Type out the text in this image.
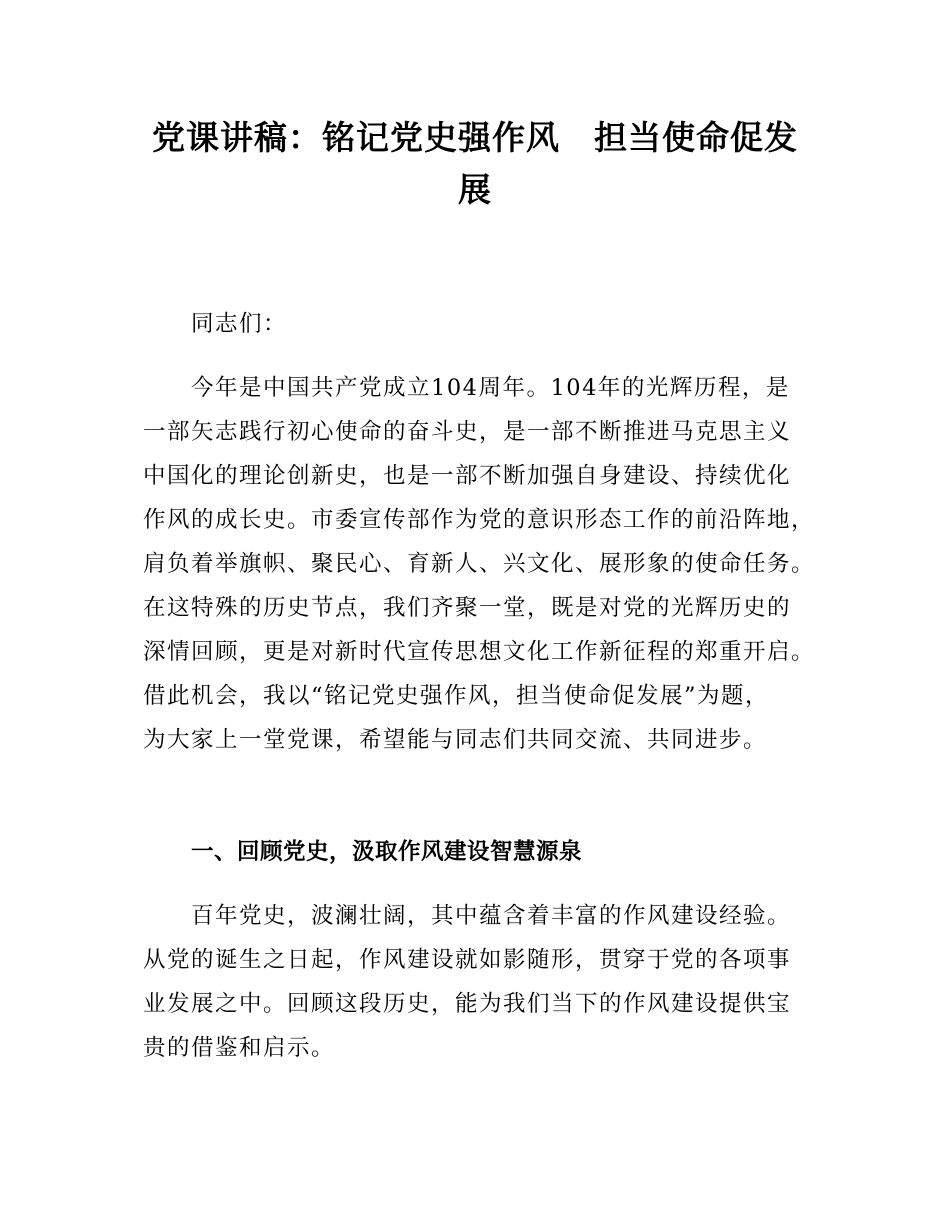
党课讲稿：铭记党史强作风　担当使命促发
展

同志们：

今年是中国共产党成立104周年。104年的光辉历程，是
一部矢志践行初心使命的奋斗史，是一部不断推进马克思主义
中国化的理论创新史，也是一部不断加强自身建设、持续优化
作风的成长史。市委宣传部作为党的意识形态工作的前沿阵地，
肩负着举旗帜、聚民心、育新人、兴文化、展形象的使命任务。
在这特殊的历史节点，我们齐聚一堂，既是对党的光辉历史的
深情回顾，更是对新时代宣传思想文化工作新征程的郑重开启。
借此机会，我以“铭记党史强作风，担当使命促发展”为题，
为大家上一堂党课，希望能与同志们共同交流、共同进步。

一、回顾党史，汲取作风建设智慧源泉

百年党史，波澜壮阔，其中蕴含着丰富的作风建设经验。
从党的诞生之日起，作风建设就如影随形，贯穿于党的各项事
业发展之中。回顾这段历史，能为我们当下的作风建设提供宝
贵的借鉴和启示。
